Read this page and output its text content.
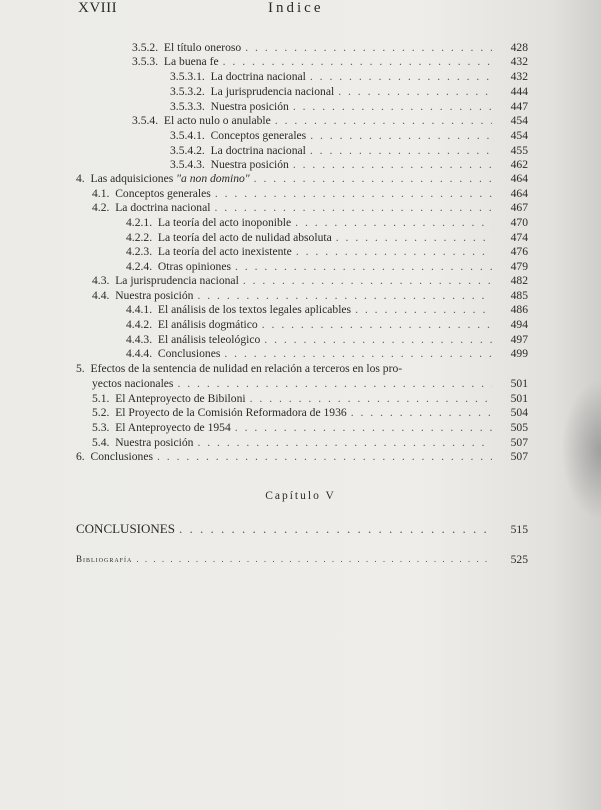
XVIII	Indice
3.5.2. El título oneroso . . .	428
3.5.3. La buena fe . . .	432
3.5.3.1. La doctrina nacional . . .	432
3.5.3.2. La jurisprudencia nacional . . .	444
3.5.3.3. Nuestra posición . . .	447
3.5.4. El acto nulo o anulable . . .	454
3.5.4.1. Conceptos generales . . .	454
3.5.4.2. La doctrina nacional . . .	455
3.5.4.3. Nuestra posición . . .	462
4. Las adquisiciones "a non domino" . . .	464
4.1. Conceptos generales . . .	464
4.2. La doctrina nacional . . .	467
4.2.1. La teoría del acto inoponible . . .	470
4.2.2. La teoría del acto de nulidad absoluta . . .	474
4.2.3. La teoría del acto inexistente . . .	476
4.2.4. Otras opiniones . . .	479
4.3. La jurisprudencia nacional . . .	482
4.4. Nuestra posición . . .	485
4.4.1. El análisis de los textos legales aplicables . . .	486
4.4.2. El análisis dogmático . . .	494
4.4.3. El análisis teleológico . . .	497
4.4.4. Conclusiones . . .	499
5. Efectos de la sentencia de nulidad en relación a terceros en los pro-
yectos nacionales . . .	501
5.1. El Anteproyecto de Bibiloni . . .	501
5.2. El Proyecto de la Comisión Reformadora de 1936 . . .	504
5.3. El Anteproyecto de 1954 . . .	505
5.4. Nuestra posición . . .	507
6. Conclusiones . . .	507
Capítulo V
CONCLUSIONES . . .	515
Bibliografía . . .	525
